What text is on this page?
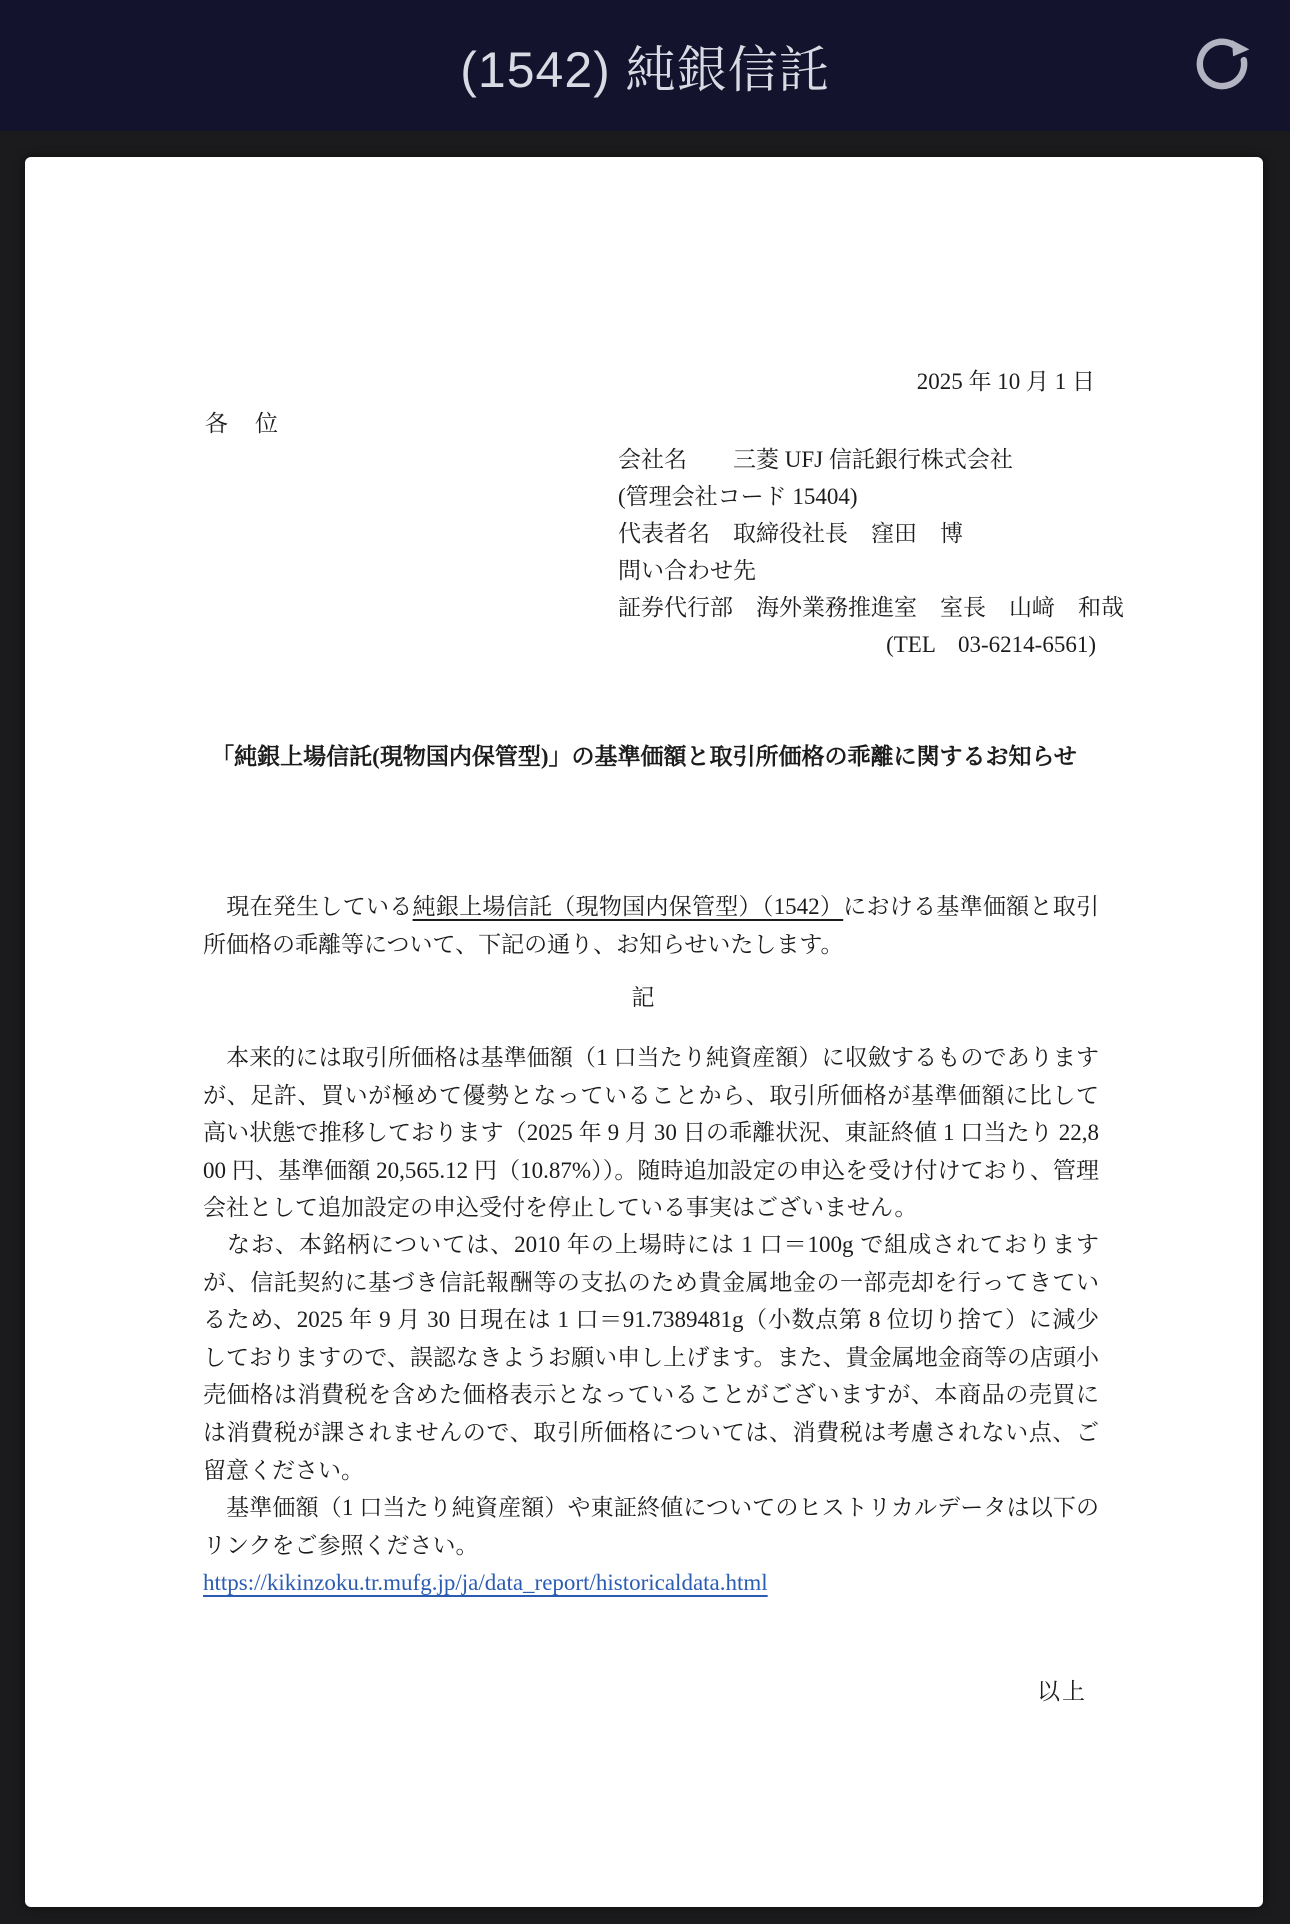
(1542) 純銀信託
2025 年 10 月 1 日
各　位
会社名　　三菱 UFJ 信託銀行株式会社
(管理会社コード 15404)
代表者名　取締役社長　窪田　博
問い合わせ先
証券代行部　海外業務推進室　室長　山﨑　和哉
(TEL　03-6214-6561)
「純銀上場信託(現物国内保管型)」の基準価額と取引所価格の乖離に関するお知らせ
　現在発生している純銀上場信託（現物国内保管型）（1542）における基準価額と取引所価格の乖離等について、下記の通り、お知らせいたします。
記
　本来的には取引所価格は基準価額（1 口当たり純資産額）に収斂するものでありますが、足許、買いが極めて優勢となっていることから、取引所価格が基準価額に比して高い状態で推移しております（2025 年 9 月 30 日の乖離状況、東証終値 1 口当たり 22,800 円、基準価額 20,565.12 円（10.87%））。随時追加設定の申込を受け付けており、管理会社として追加設定の申込受付を停止している事実はございません。
　なお、本銘柄については、2010 年の上場時には 1 口＝100g で組成されておりますが、信託契約に基づき信託報酬等の支払のため貴金属地金の一部売却を行ってきているため、2025 年 9 月 30 日現在は 1 口＝91.7389481g（小数点第 8 位切り捨て）に減少しておりますので、誤認なきようお願い申し上げます。また、貴金属地金商等の店頭小売価格は消費税を含めた価格表示となっていることがございますが、本商品の売買には消費税が課されませんので、取引所価格については、消費税は考慮されない点、ご留意ください。
　基準価額（1 口当たり純資産額）や東証終値についてのヒストリカルデータは以下のリンクをご参照ください。
https://kikinzoku.tr.mufg.jp/ja/data_report/historicaldata.html
以上
